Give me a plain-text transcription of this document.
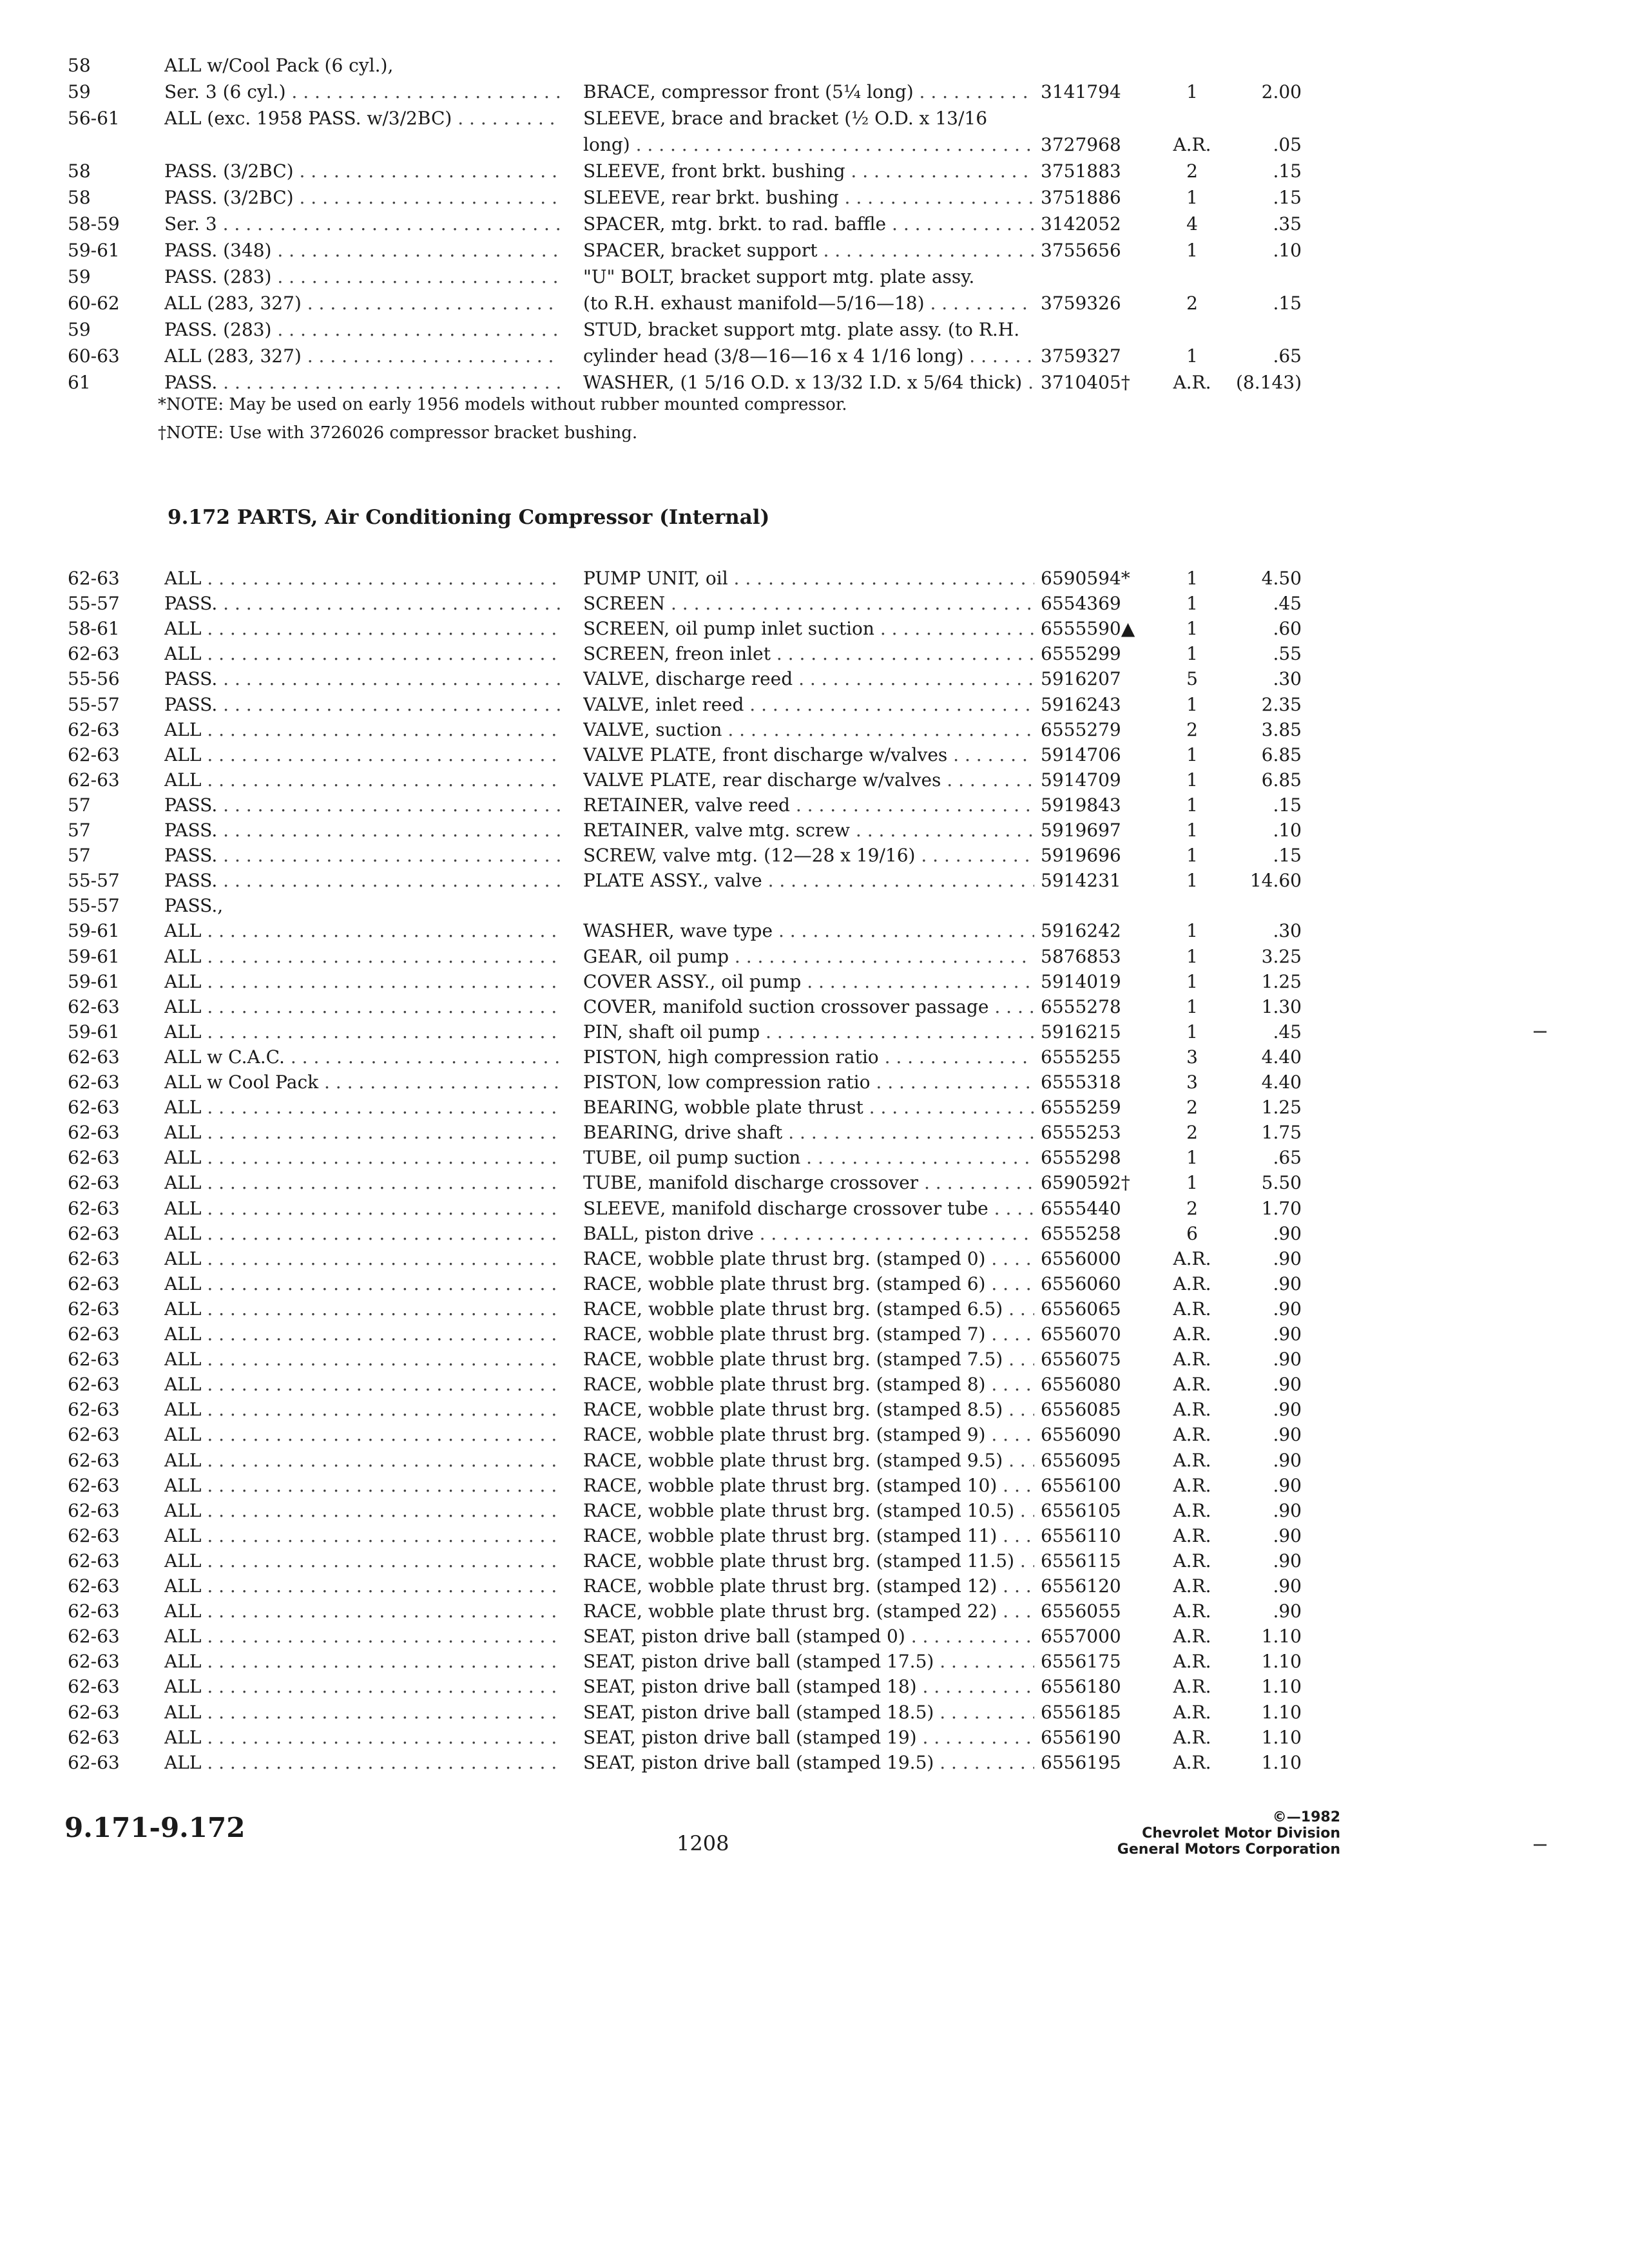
58	ALL w/Cool Pack (6 cyl.),
59	Ser. 3 (6 cyl.) . . .	BRACE, compressor front (5¼ long) . . .	3141794	1	2.00
56-61	ALL (exc. 1958 PASS. w/3/2BC) . . .	SLEEVE, brace and bracket (½ O.D. x 13/16
long) . . .	3727968	A.R.	.05
58	PASS. (3/2BC) . . .	SLEEVE, front brkt. bushing . . .	3751883	2	.15
58	PASS. (3/2BC) . . .	SLEEVE, rear brkt. bushing . . .	3751886	1	.15
58-59	Ser. 3 . . .	SPACER, mtg. brkt. to rad. baffle . . .	3142052	4	.35
59-61	PASS. (348) . . .	SPACER, bracket support . . .	3755656	1	.10
59	PASS. (283) . . .	"U" BOLT, bracket support mtg. plate assy.
60-62	ALL (283, 327) . . .	(to R.H. exhaust manifold—5/16—18) . . .	3759326	2	.15
59	PASS. (283) . . .	STUD, bracket support mtg. plate assy. (to R.H.
60-63	ALL (283, 327) . . .	cylinder head (3/8—16—16 x 4 1/16 long) . . .	3759327	1	.65
61	PASS. . . .	WASHER, (1 5/16 O.D. x 13/32 I.D. x 5/64 thick) . . .	3710405†	A.R.	(8.143)
*NOTE: May be used on early 1956 models without rubber mounted compressor.
†NOTE: Use with 3726026 compressor bracket bushing.
9.172 PARTS, Air Conditioning Compressor (Internal)
62-63	ALL . . .	PUMP UNIT, oil . . .	6590594*	1	4.50
55-57	PASS. . . .	SCREEN . . .	6554369	1	.45
58-61	ALL . . .	SCREEN, oil pump inlet suction . . .	6555590▲	1	.60
62-63	ALL . . .	SCREEN, freon inlet . . .	6555299	1	.55
55-56	PASS. . . .	VALVE, discharge reed . . .	5916207	5	.30
55-57	PASS. . . .	VALVE, inlet reed . . .	5916243	1	2.35
62-63	ALL . . .	VALVE, suction . . .	6555279	2	3.85
62-63	ALL . . .	VALVE PLATE, front discharge w/valves . . .	5914706	1	6.85
62-63	ALL . . .	VALVE PLATE, rear discharge w/valves . . .	5914709	1	6.85
57	PASS. . . .	RETAINER, valve reed . . .	5919843	1	.15
57	PASS. . . .	RETAINER, valve mtg. screw . . .	5919697	1	.10
57	PASS. . . .	SCREW, valve mtg. (12—28 x 19/16) . . .	5919696	1	.15
55-57	PASS. . . .	PLATE ASSY., valve . . .	5914231	1	14.60
55-57	PASS.,
59-61	ALL . . .	WASHER, wave type . . .	5916242	1	.30
59-61	ALL . . .	GEAR, oil pump . . .	5876853	1	3.25
59-61	ALL . . .	COVER ASSY., oil pump . . .	5914019	1	1.25
62-63	ALL . . .	COVER, manifold suction crossover passage . . .	6555278	1	1.30
59-61	ALL . . .	PIN, shaft oil pump . . .	5916215	1	.45
62-63	ALL w C.A.C. . . .	PISTON, high compression ratio . . .	6555255	3	4.40
62-63	ALL w Cool Pack . . .	PISTON, low compression ratio . . .	6555318	3	4.40
62-63	ALL . . .	BEARING, wobble plate thrust . . .	6555259	2	1.25
62-63	ALL . . .	BEARING, drive shaft . . .	6555253	2	1.75
62-63	ALL . . .	TUBE, oil pump suction . . .	6555298	1	.65
62-63	ALL . . .	TUBE, manifold discharge crossover . . .	6590592†	1	5.50
62-63	ALL . . .	SLEEVE, manifold discharge crossover tube . . .	6555440	2	1.70
62-63	ALL . . .	BALL, piston drive . . .	6555258	6	.90
62-63	ALL . . .	RACE, wobble plate thrust brg. (stamped 0) . . .	6556000	A.R.	.90
62-63	ALL . . .	RACE, wobble plate thrust brg. (stamped 6) . . .	6556060	A.R.	.90
62-63	ALL . . .	RACE, wobble plate thrust brg. (stamped 6.5) . . .	6556065	A.R.	.90
62-63	ALL . . .	RACE, wobble plate thrust brg. (stamped 7) . . .	6556070	A.R.	.90
62-63	ALL . . .	RACE, wobble plate thrust brg. (stamped 7.5) . . .	6556075	A.R.	.90
62-63	ALL . . .	RACE, wobble plate thrust brg. (stamped 8) . . .	6556080	A.R.	.90
62-63	ALL . . .	RACE, wobble plate thrust brg. (stamped 8.5) . . .	6556085	A.R.	.90
62-63	ALL . . .	RACE, wobble plate thrust brg. (stamped 9) . . .	6556090	A.R.	.90
62-63	ALL . . .	RACE, wobble plate thrust brg. (stamped 9.5) . . .	6556095	A.R.	.90
62-63	ALL . . .	RACE, wobble plate thrust brg. (stamped 10) . . .	6556100	A.R.	.90
62-63	ALL . . .	RACE, wobble plate thrust brg. (stamped 10.5) . . .	6556105	A.R.	.90
62-63	ALL . . .	RACE, wobble plate thrust brg. (stamped 11) . . .	6556110	A.R.	.90
62-63	ALL . . .	RACE, wobble plate thrust brg. (stamped 11.5) . . .	6556115	A.R.	.90
62-63	ALL . . .	RACE, wobble plate thrust brg. (stamped 12) . . .	6556120	A.R.	.90
62-63	ALL . . .	RACE, wobble plate thrust brg. (stamped 22) . . .	6556055	A.R.	.90
62-63	ALL . . .	SEAT, piston drive ball (stamped 0) . . .	6557000	A.R.	1.10
62-63	ALL . . .	SEAT, piston drive ball (stamped 17.5) . . .	6556175	A.R.	1.10
62-63	ALL . . .	SEAT, piston drive ball (stamped 18) . . .	6556180	A.R.	1.10
62-63	ALL . . .	SEAT, piston drive ball (stamped 18.5) . . .	6556185	A.R.	1.10
62-63	ALL . . .	SEAT, piston drive ball (stamped 19) . . .	6556190	A.R.	1.10
62-63	ALL . . .	SEAT, piston drive ball (stamped 19.5) . . .	6556195	A.R.	1.10
9.171-9.172	1208
©—1982
Chevrolet Motor Division
General Motors Corporation
